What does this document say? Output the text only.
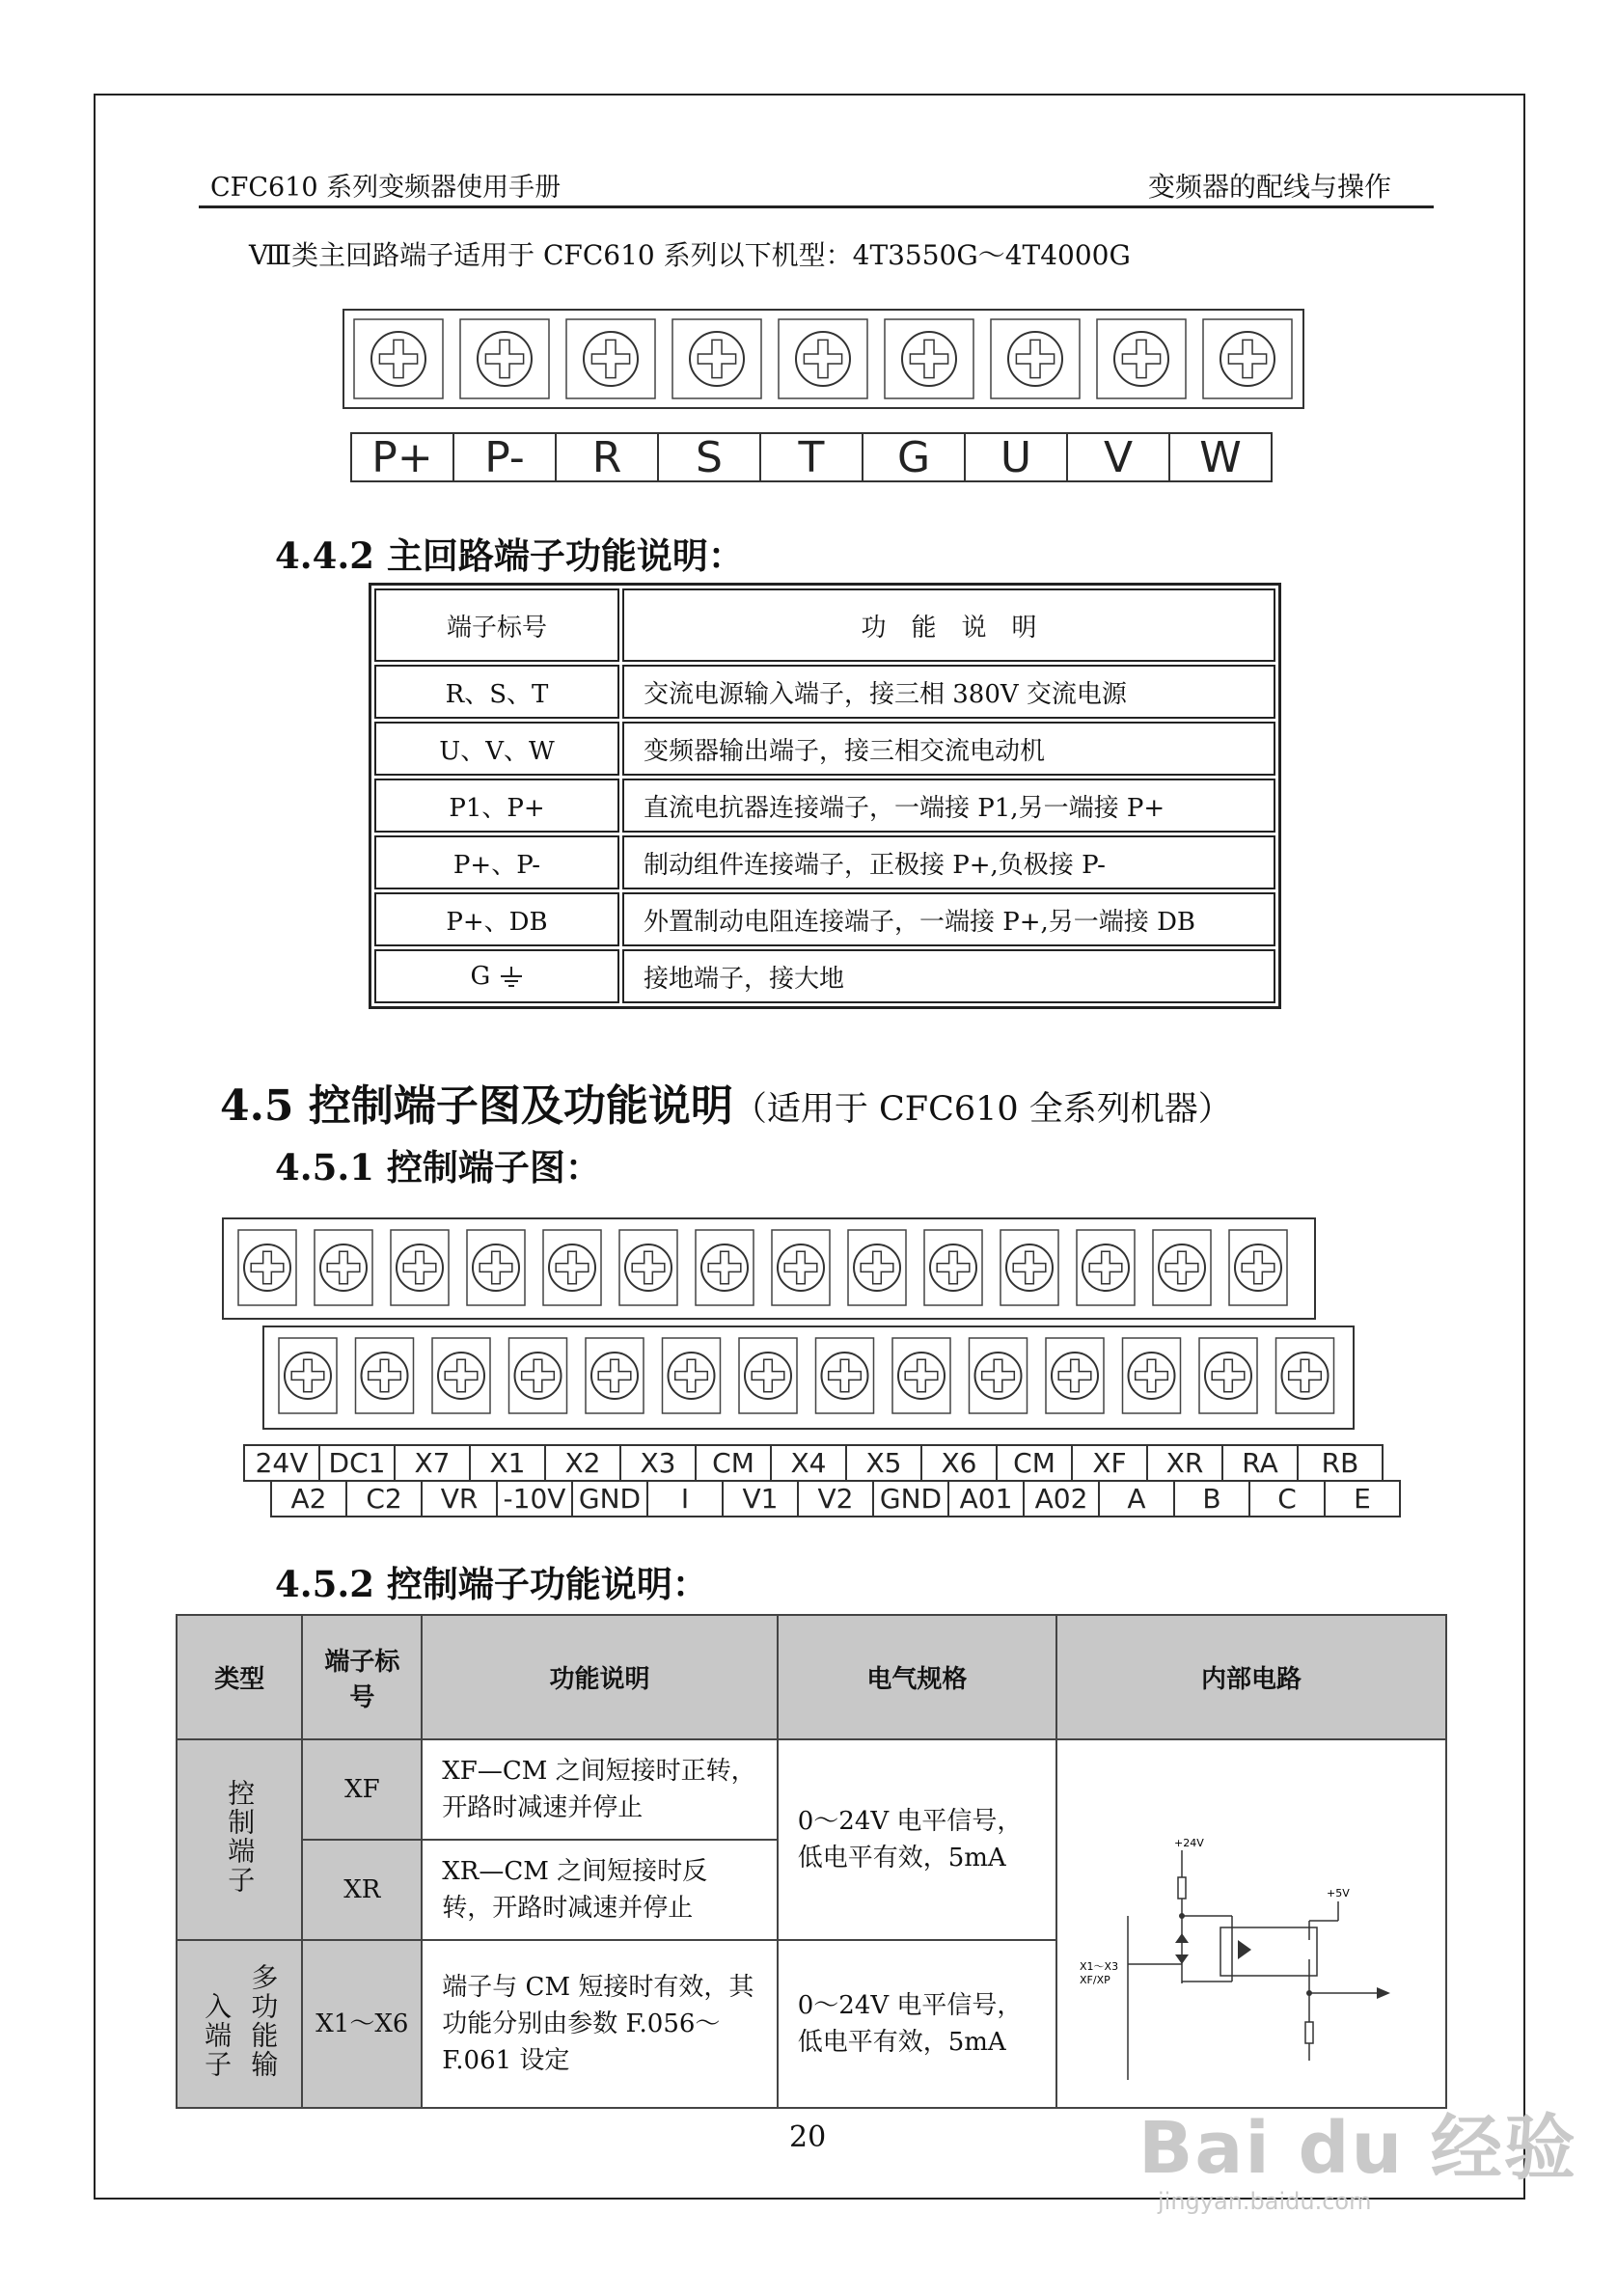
CFC610 系列变频器使用手册	变频器的配线与操作
Ⅷ类主回路端子适用于 CFC610 系列以下机型：4T3550G～4T4000G
P+	P-	R	S	T	G	U	V	W
4.4.2 主回路端子功能说明：
端子标号	功　能　说　明
R、S、T	交流电源输入端子，接三相 380V 交流电源
U、V、W	变频器输出端子，接三相交流电动机
P1、P+	直流电抗器连接端子，一端接 P1,另一端接 P+
P+、P-	制动组件连接端子，正极接 P+,负极接 P-
P+、DB	外置制动电阻连接端子，一端接 P+,另一端接 DB
G	接地端子，接大地
4.5 控制端子图及功能说明（适用于 CFC610 全系列机器）
4.5.1 控制端子图：
24V DC1	X7	X1	X2	X3	CM	X4	X5	X6	CM	XF	XR	RA	RB
A2	C2	VR -10V GND	I	V1	V2 GND A01 A02	A	B	C	E
4.5.2 控制端子功能说明：
类型	端子标号	功能说明	电气规格	内部电路
控制端子	XF	XF—CM 之间短接时正转，开路时减速并停止	0～24V 电平信号，低电平有效，5mA	+24V
+5V
X1～X3
XF/XP

	XR	XR—CM 之间短接时反转，开路时减速并停止		
入端子 多功能输	X1～X6	端子与 CM 短接时有效，其功能分别由参数 F.056～F.061 设定	0～24V 电平信号，低电平有效，5mA	
20	Bai du 经验
jingyan.baidu.com
